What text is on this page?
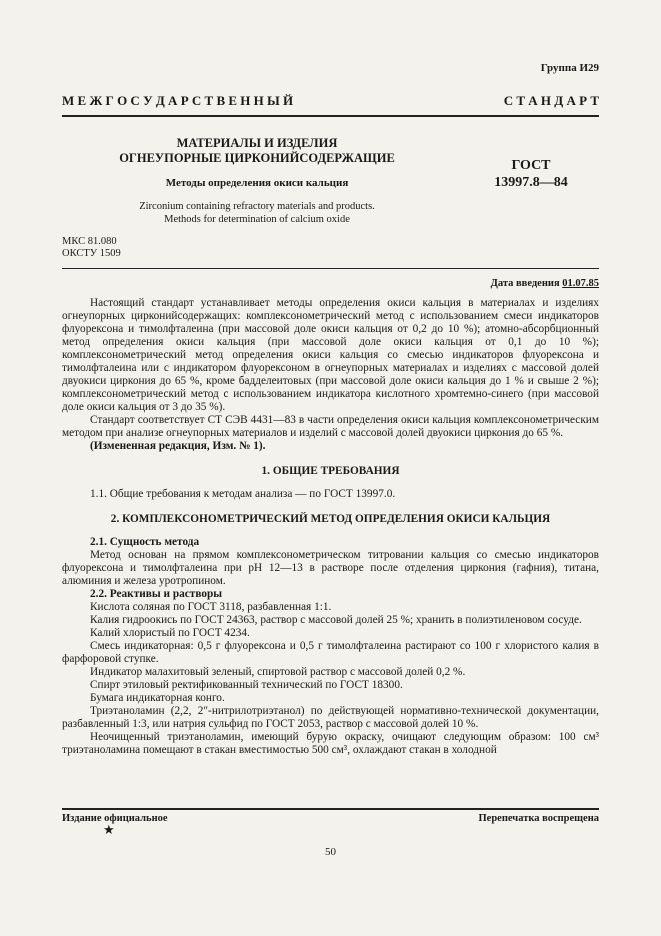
Группа И29
М Е Ж Г О С У Д А Р С Т В Е Н Н Ы Й	С Т А Н Д А Р Т
МАТЕРИАЛЫ И ИЗДЕЛИЯ
ОГНЕУПОРНЫЕ ЦИРКОНИЙСОДЕРЖАЩИЕ
Методы определения окиси кальция
Zirconium containing refractory materials and products.
Methods for determination of calcium oxide
ГОСТ
13997.8—84
МКС 81.080
ОКСТУ 1509
Дата введения 01.07.85

Настоящий стандарт устанавливает методы определения окиси кальция в материалах и изделиях огнеупорных цирконийсодержащих: комплексонометрический метод с использованием смеси индикаторов флуорексона и тимолфталеина (при массовой доле окиси кальция от 0,2 до 10 %); атомно-абсорбционный метод определения окиси кальция (при массовой доле окиси кальция от 0,1 до 10 %); комплексонометрический метод определения окиси кальция со смесью индикаторов флуорексона и тимолфталеина или с индикатором флуорексоном в огнеупорных материалах и изделиях с массовой долей двуокиси циркония до 65 %, кроме бадделеитовых (при массовой доле окиси кальция до 1 % и свыше 2 %); комплексонометрический метод с использованием индикатора кислотного хромтемно-синего (при массовой доле окиси кальция от 3 до 35 %).

Стандарт соответствует СТ СЭВ 4431—83 в части определения окиси кальция комплексонометрическим методом при анализе огнеупорных материалов и изделий с массовой долей двуокиси циркония до 65 %.

(Измененная редакция, Изм. № 1).

1. ОБЩИЕ ТРЕБОВАНИЯ

1.1. Общие требования к методам анализа — по ГОСТ 13997.0.

2. КОМПЛЕКСОНОМЕТРИЧЕСКИЙ МЕТОД ОПРЕДЕЛЕНИЯ ОКИСИ КАЛЬЦИЯ

2.1. Сущность метода

Метод основан на прямом комплексонометрическом титровании кальция со смесью индикаторов флуорексона и тимолфталеина при pH 12—13 в растворе после отделения циркония (гафния), титана, алюминия и железа уротропином.

2.2. Реактивы и растворы

Кислота соляная по ГОСТ 3118, разбавленная 1:1.

Калия гидроокись по ГОСТ 24363, раствор с массовой долей 25 %; хранить в полиэтиленовом сосуде.

Калий хлористый по ГОСТ 4234.

Смесь индикаторная: 0,5 г флуорексона и 0,5 г тимолфталеина растирают со 100 г хлористого калия в фарфоровой ступке.

Индикатор малахитовый зеленый, спиртовой раствор с массовой долей 0,2 %.

Спирт этиловый ректификованный технический по ГОСТ 18300.

Бумага индикаторная конго.

Триэтаноламин (2,2, 2″-нитрилотриэтанол) по действующей нормативно-технической документации, разбавленный 1:3, или натрия сульфид по ГОСТ 2053, раствор с массовой долей 10 %.

Неочищенный триэтаноламин, имеющий бурую окраску, очищают следующим образом: 100 см³ триэтаноламина помещают в стакан вместимостью 500 см³, охлаждают стакан в холодной

Издание официальное
★
Перепечатка воспрещена
50
